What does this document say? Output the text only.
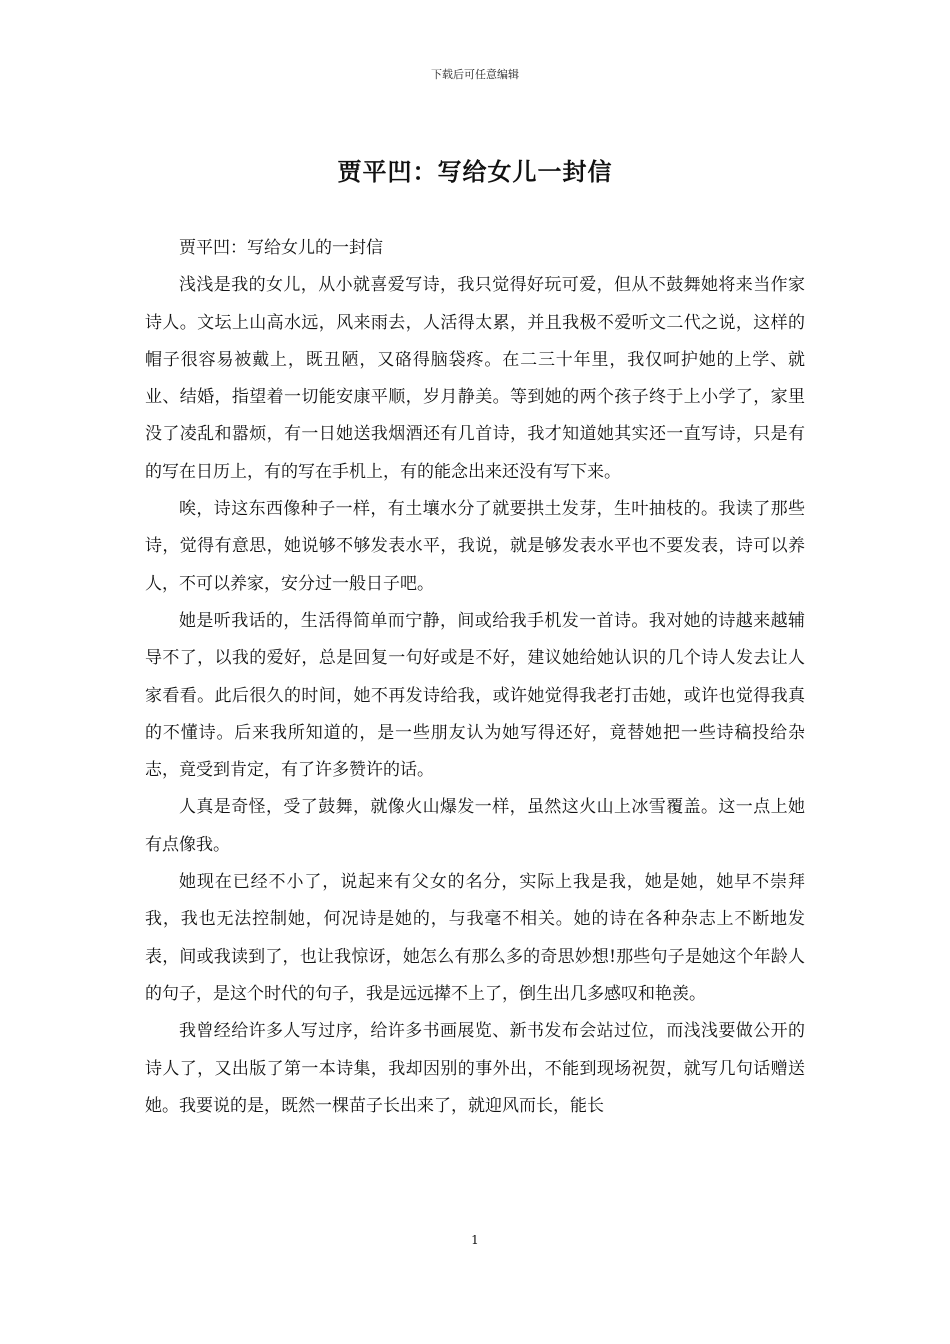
下载后可任意编辑
贾平凹：写给女儿一封信

贾平凹：写给女儿的一封信

浅浅是我的女儿，从小就喜爱写诗，我只觉得好玩可爱，但从不鼓舞她将来当作家诗人。文坛上山高水远，风来雨去，人活得太累，并且我极不爱听文二代之说，这样的帽子很容易被戴上，既丑陋，又硌得脑袋疼。在二三十年里，我仅呵护她的上学、就业、结婚，指望着一切能安康平顺，岁月静美。等到她的两个孩子终于上小学了，家里没了凌乱和嚣烦，有一日她送我烟酒还有几首诗，我才知道她其实还一直写诗，只是有的写在日历上，有的写在手机上，有的能念出来还没有写下来。

唉，诗这东西像种子一样，有土壤水分了就要拱土发芽，生叶抽枝的。我读了那些诗，觉得有意思，她说够不够发表水平，我说，就是够发表水平也不要发表，诗可以养人，不可以养家，安分过一般日子吧。

她是听我话的，生活得简单而宁静，间或给我手机发一首诗。我对她的诗越来越辅导不了，以我的爱好，总是回复一句好或是不好，建议她给她认识的几个诗人发去让人家看看。此后很久的时间，她不再发诗给我，或许她觉得我老打击她，或许也觉得我真的不懂诗。后来我所知道的，是一些朋友认为她写得还好，竟替她把一些诗稿投给杂志，竟受到肯定，有了许多赞许的话。

人真是奇怪，受了鼓舞，就像火山爆发一样，虽然这火山上冰雪覆盖。这一点上她有点像我。

她现在已经不小了，说起来有父女的名分，实际上我是我，她是她，她早不崇拜我，我也无法控制她，何况诗是她的，与我毫不相关。她的诗在各种杂志上不断地发表，间或我读到了，也让我惊讶，她怎么有那么多的奇思妙想!那些句子是她这个年龄人的句子，是这个时代的句子，我是远远撵不上了，倒生出几多感叹和艳羡。

我曾经给许多人写过序，给许多书画展览、新书发布会站过位，而浅浅要做公开的诗人了，又出版了第一本诗集，我却因别的事外出，不能到现场祝贺，就写几句话赠送她。我要说的是，既然一棵苗子长出来了，就迎风而长，能长

1
